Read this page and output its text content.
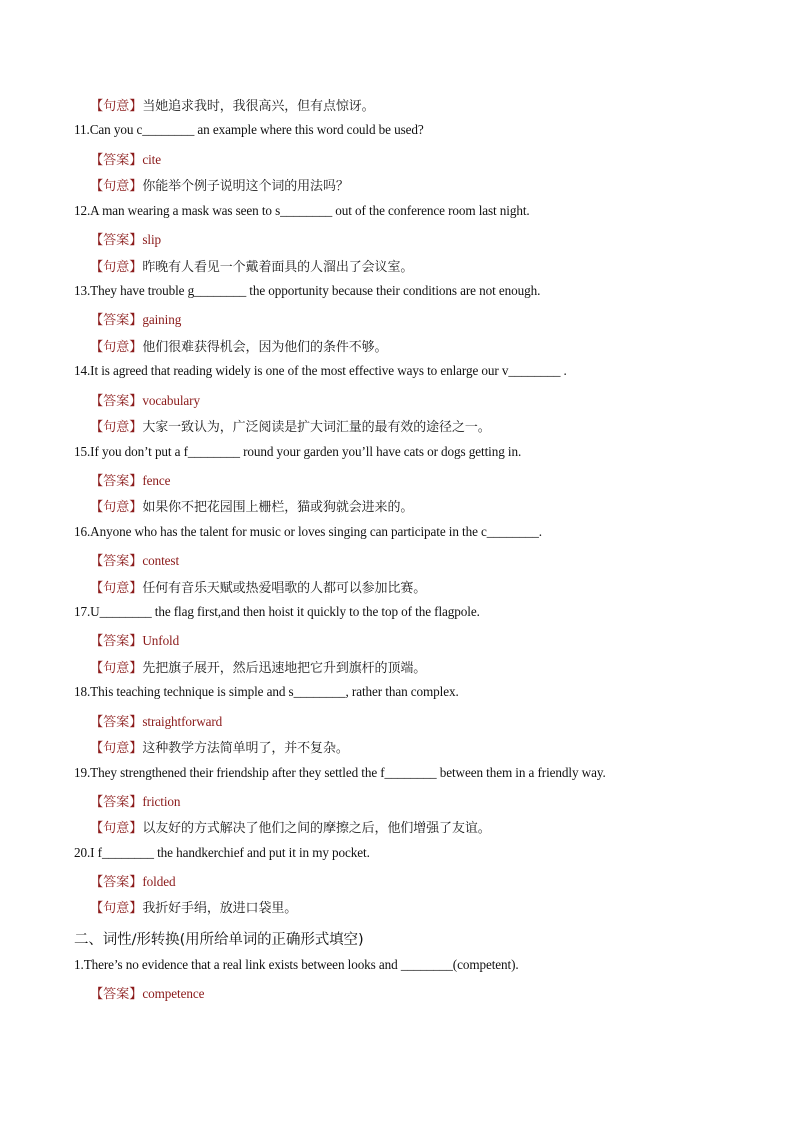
【句意】当她追求我时，我很高兴，但有点惊讶。
11.Can you c________ an example where this word could be used?
【答案】cite
【句意】你能举个例子说明这个词的用法吗？
12.A man wearing a mask was seen to s________ out of the conference room last night.
【答案】slip
【句意】昨晚有人看见一个戴着面具的人溜出了会议室。
13.They have trouble g________ the opportunity because their conditions are not enough.
【答案】gaining
【句意】他们很难获得机会，因为他们的条件不够。
14.It is agreed that reading widely is one of the most effective ways to enlarge our v________ .
【答案】vocabulary
【句意】大家一致认为，广泛阅读是扩大词汇量的最有效的途径之一。
15.If you don’t put a f________ round your garden you’ll have cats or dogs getting in.
【答案】fence
【句意】如果你不把花园围上栅栏，猫或狗就会进来的。
16.Anyone who has the talent for music or loves singing can participate in the c________.
【答案】contest
【句意】任何有音乐天赋或热爱唱歌的人都可以参加比赛。
17.U________ the flag first,and then hoist it quickly to the top of the flagpole.
【答案】Unfold
【句意】先把旗子展开，然后迅速地把它升到旗杆的顶端。
18.This teaching technique is simple and s________, rather than complex.
【答案】straightforward
【句意】这种教学方法简单明了，并不复杂。
19.They strengthened their friendship after they settled the f________ between them in a friendly way.
【答案】friction
【句意】以友好的方式解决了他们之间的摩擦之后，他们增强了友谊。
20.I f________ the handkerchief and put it in my pocket.
【答案】folded
【句意】我折好手绢，放进口袋里。
二、词性/形转换(用所给单词的正确形式填空)
1.There’s no evidence that a real link exists between looks and ________(competent).
【答案】competence
